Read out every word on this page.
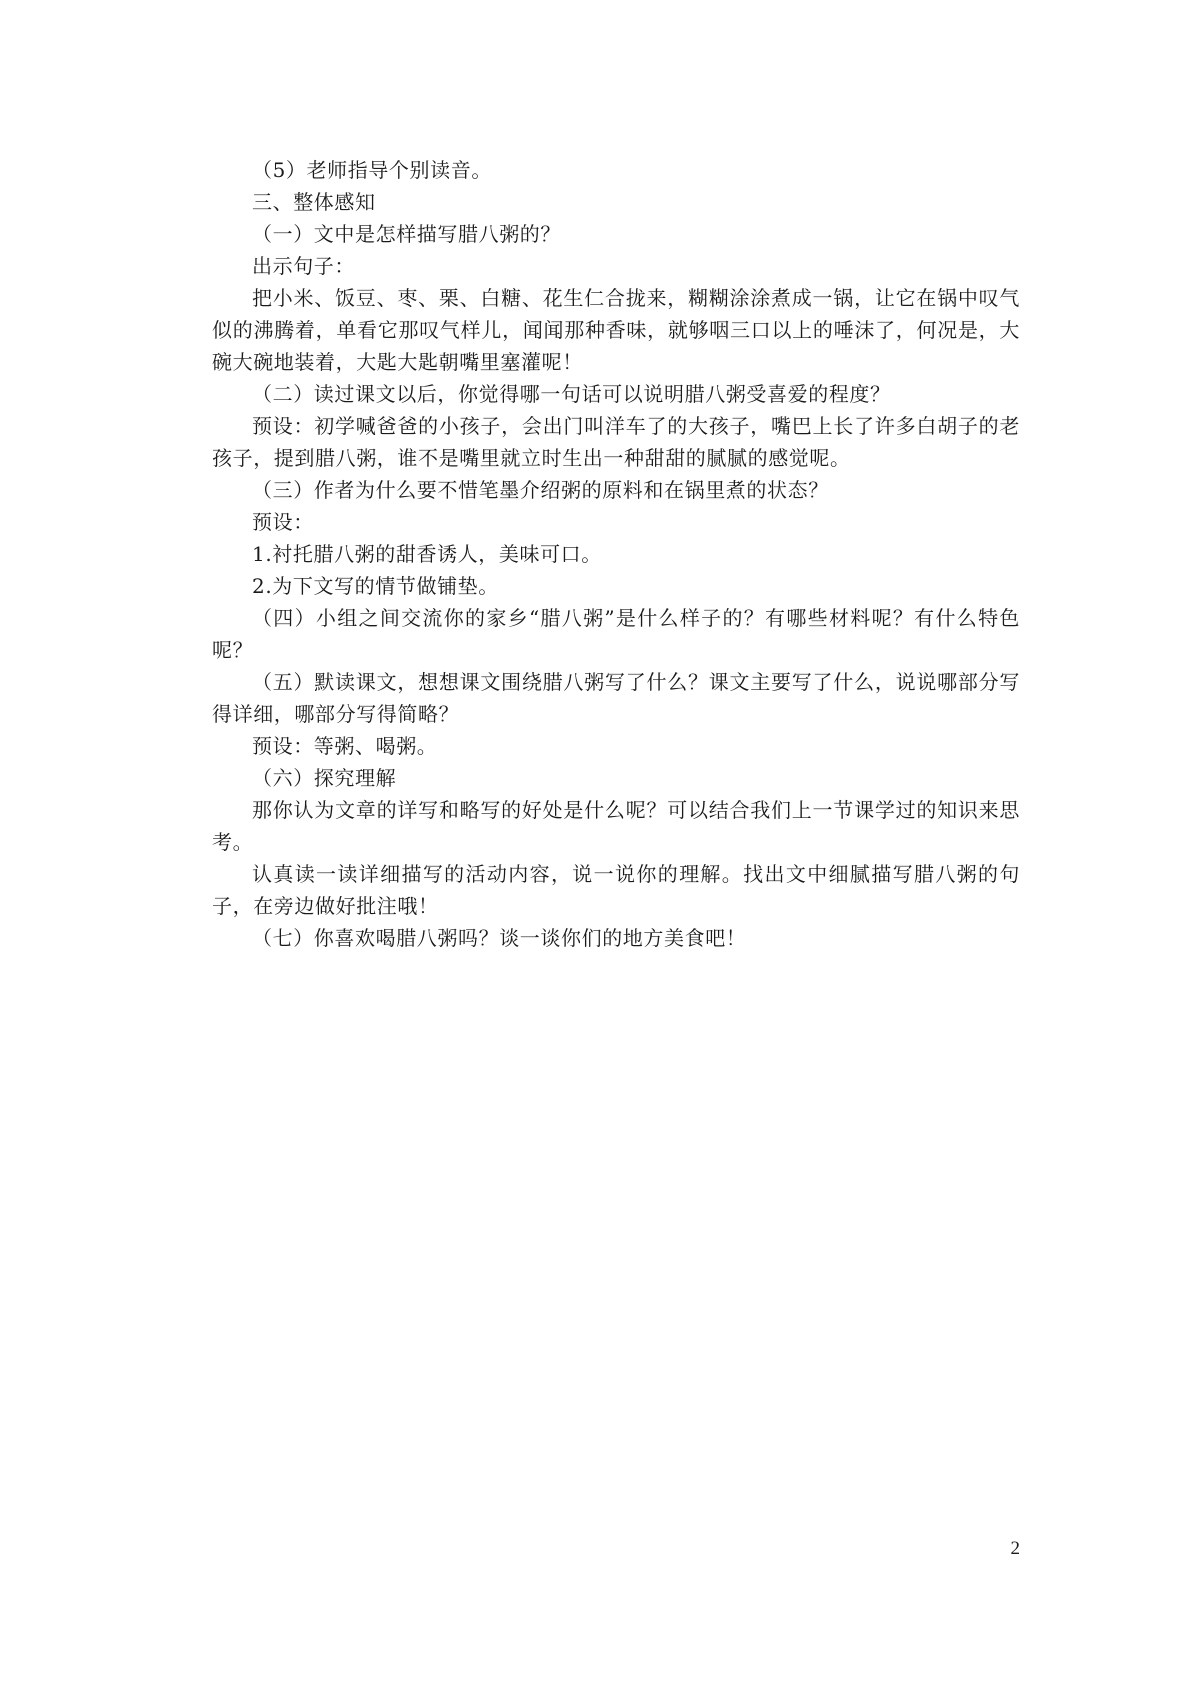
（5）老师指导个别读音。

三、整体感知

（一）文中是怎样描写腊八粥的？

出示句子：

把小米、饭豆、枣、栗、白糖、花生仁合拢来，糊糊涂涂煮成一锅，让它在锅中叹气似的沸腾着，单看它那叹气样儿，闻闻那种香味，就够咽三口以上的唾沫了，何况是，大碗大碗地装着，大匙大匙朝嘴里塞灌呢！

（二）读过课文以后，你觉得哪一句话可以说明腊八粥受喜爱的程度？

预设：初学喊爸爸的小孩子，会出门叫洋车了的大孩子，嘴巴上长了许多白胡子的老孩子，提到腊八粥，谁不是嘴里就立时生出一种甜甜的腻腻的感觉呢。

（三）作者为什么要不惜笔墨介绍粥的原料和在锅里煮的状态？

预设：

1.衬托腊八粥的甜香诱人，美味可口。

2.为下文写的情节做铺垫。

（四）小组之间交流你的家乡“腊八粥”是什么样子的？有哪些材料呢？有什么特色呢？

（五）默读课文，想想课文围绕腊八粥写了什么？课文主要写了什么，说说哪部分写得详细，哪部分写得简略？

预设：等粥、喝粥。

（六）探究理解

那你认为文章的详写和略写的好处是什么呢？可以结合我们上一节课学过的知识来思考。

认真读一读详细描写的活动内容，说一说你的理解。找出文中细腻描写腊八粥的句子，在旁边做好批注哦！

（七）你喜欢喝腊八粥吗？谈一谈你们的地方美食吧！

2
